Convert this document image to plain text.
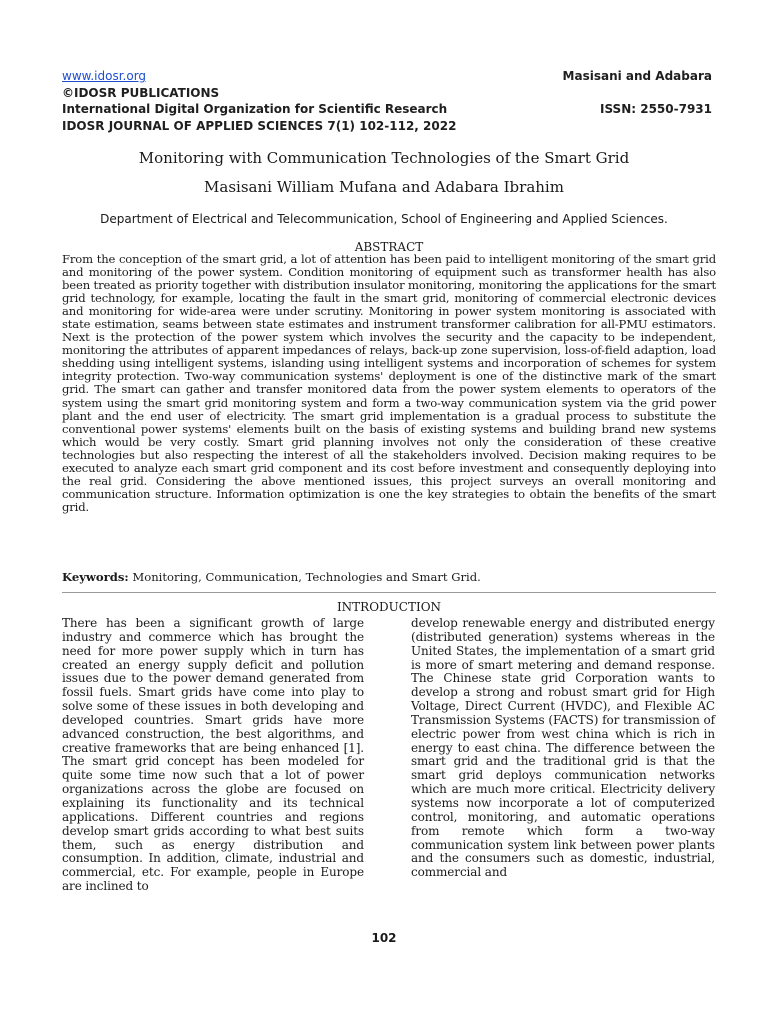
www.idosr.org	Masisani and Adabara
©IDOSR PUBLICATIONS
International Digital Organization for Scientific Research	ISSN: 2550-7931
IDOSR JOURNAL OF APPLIED SCIENCES 7(1) 102-112, 2022
Monitoring with Communication Technologies of the Smart Grid
Masisani William Mufana and Adabara Ibrahim
Department of Electrical and Telecommunication, School of Engineering and Applied Sciences.
ABSTRACT

From the conception of the smart grid, a lot of attention has been paid to intelligent monitoring of the smart grid and monitoring of the power system. Condition monitoring of equipment such as transformer health has also been treated as priority together with distribution insulator monitoring, monitoring the applications for the smart grid technology, for example, locating the fault in the smart grid, monitoring of commercial electronic devices and monitoring for wide-area were under scrutiny. Monitoring in power system monitoring is associated with state estimation, seams between state estimates and instrument transformer calibration for all-PMU estimators. Next is the protection of the power system which involves the security and the capacity to be independent, monitoring the attributes of apparent impedances of relays, back-up zone supervision, loss-of-field adaption, load shedding using intelligent systems, islanding using intelligent systems and incorporation of schemes for system integrity protection. Two-way communication systems' deployment is one of the distinctive mark of the smart grid. The smart can gather and transfer monitored data from the power system elements to operators of the system using the smart grid monitoring system and form a two-way communication system via the grid power plant and the end user of electricity. The smart grid implementation is a gradual process to substitute the conventional power systems' elements built on the basis of existing systems and building brand new systems which would be very costly. Smart grid planning involves not only the consideration of these creative technologies but also respecting the interest of all the stakeholders involved. Decision making requires to be executed to analyze each smart grid component and its cost before investment and consequently deploying into the real grid. Considering the above mentioned issues, this project surveys an overall monitoring and communication structure. Information optimization is one the key strategies to obtain the benefits of the smart grid.

Keywords: Monitoring, Communication, Technologies and Smart Grid.

INTRODUCTION

There has been a significant growth of large industry and commerce which has brought the need for more power supply which in turn has created an energy supply deficit and pollution issues due to the power demand generated from fossil fuels. Smart grids have come into play to solve some of these issues in both developing and developed countries. Smart grids have more advanced construction, the best algorithms, and creative frameworks that are being enhanced [1]. The smart grid concept has been modeled for quite some time now such that a lot of power organizations across the globe are focused on explaining its functionality and its technical applications. Different countries and regions develop smart grids according to what best suits them, such as energy distribution and consumption. In addition, climate, industrial and commercial, etc. For example, people in Europe are inclined to

develop renewable energy and distributed energy (distributed generation) systems whereas in the United States, the implementation of a smart grid is more of smart metering and demand response. The Chinese state grid Corporation wants to develop a strong and robust smart grid for High Voltage, Direct Current (HVDC), and Flexible AC Transmission Systems (FACTS) for transmission of electric power from west china which is rich in energy to east china. The difference between the smart grid and the traditional grid is that the smart grid deploys communication networks which are much more critical. Electricity delivery systems now incorporate a lot of computerized control, monitoring, and automatic operations from remote which form a two-way communication system link between power plants and the consumers such as domestic, industrial, commercial and

102
